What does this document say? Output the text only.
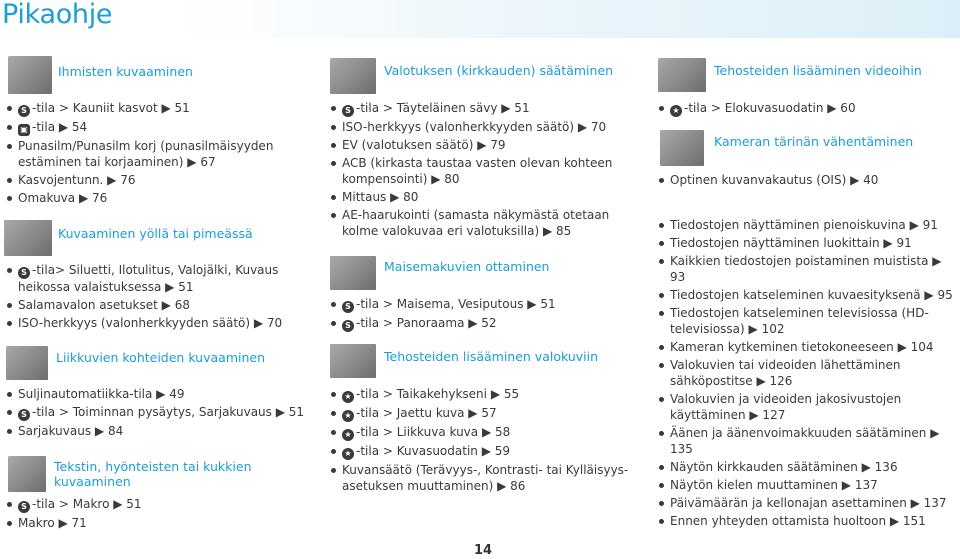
Pikaohje
Ihmisten kuvaaminen
S -tila > Kauniit kasvot ▶ 51
▣ -tila ▶ 54
Punasilm/Punasilm korj (punasilmäisyyden estäminen tai korjaaminen) ▶ 67
Kasvojentunn. ▶ 76
Omakuva ▶ 76
Kuvaaminen yöllä tai pimeässä
S -tila> Siluetti, Ilotulitus, Valojälki, Kuvaus heikossa valaistuksessa ▶ 51
Salamavalon asetukset ▶ 68
ISO-herkkyys (valonherkkyyden säätö) ▶ 70
Liikkuvien kohteiden kuvaaminen
Suljinautomatiikka-tila ▶ 49
S -tila > Toiminnan pysäytys, Sarjakuvaus ▶ 51
Sarjakuvaus ▶ 84
Tekstin, hyönteisten tai kukkien kuvaaminen
S -tila > Makro ▶ 51
Makro ▶ 71
Valotuksen (kirkkauden) säätäminen
S -tila > Täyteläinen sävy ▶ 51
ISO-herkkyys (valonherkkyyden säätö) ▶ 70
EV (valotuksen säätö) ▶ 79
ACB (kirkasta taustaa vasten olevan kohteen kompensointi) ▶ 80
Mittaus ▶ 80
AE-haarukointi (samasta näkymästä otetaan kolme valokuvaa eri valotuksilla) ▶ 85
Maisemakuvien ottaminen
S -tila > Maisema, Vesiputous ▶ 51
S -tila > Panoraama ▶ 52
Tehosteiden lisääminen valokuviin
★ -tila > Taikakehykseni ▶ 55
★ -tila > Jaettu kuva ▶ 57
★ -tila > Liikkuva kuva ▶ 58
★ -tila > Kuvasuodatin ▶ 59
Kuvansäätö (Terävyys-, Kontrasti- tai Kylläisyys-asetuksen muuttaminen) ▶ 86
14
Tehosteiden lisääminen videoihin
★ -tila > Elokuvasuodatin ▶ 60
Kameran tärinän vähentäminen
Optinen kuvanvakautus (OIS) ▶ 40
Tiedostojen näyttäminen pienoiskuvina ▶ 91
Tiedostojen näyttäminen luokittain ▶ 91
Kaikkien tiedostojen poistaminen muistista ▶ 93
Tiedostojen katseleminen kuvaesityksenä ▶ 95
Tiedostojen katseleminen televisiossa (HD-televisiossa) ▶ 102
Kameran kytkeminen tietokoneeseen ▶ 104
Valokuvien tai videoiden lähettäminen sähköpostitse ▶ 126
Valokuvien ja videoiden jakosivustojen käyttäminen ▶ 127
Äänen ja äänenvoimakkuuden säätäminen ▶ 135
Näytön kirkkauden säätäminen ▶ 136
Näytön kielen muuttaminen ▶ 137
Päivämäärän ja kellonajan asettaminen ▶ 137
Ennen yhteyden ottamista huoltoon ▶ 151
